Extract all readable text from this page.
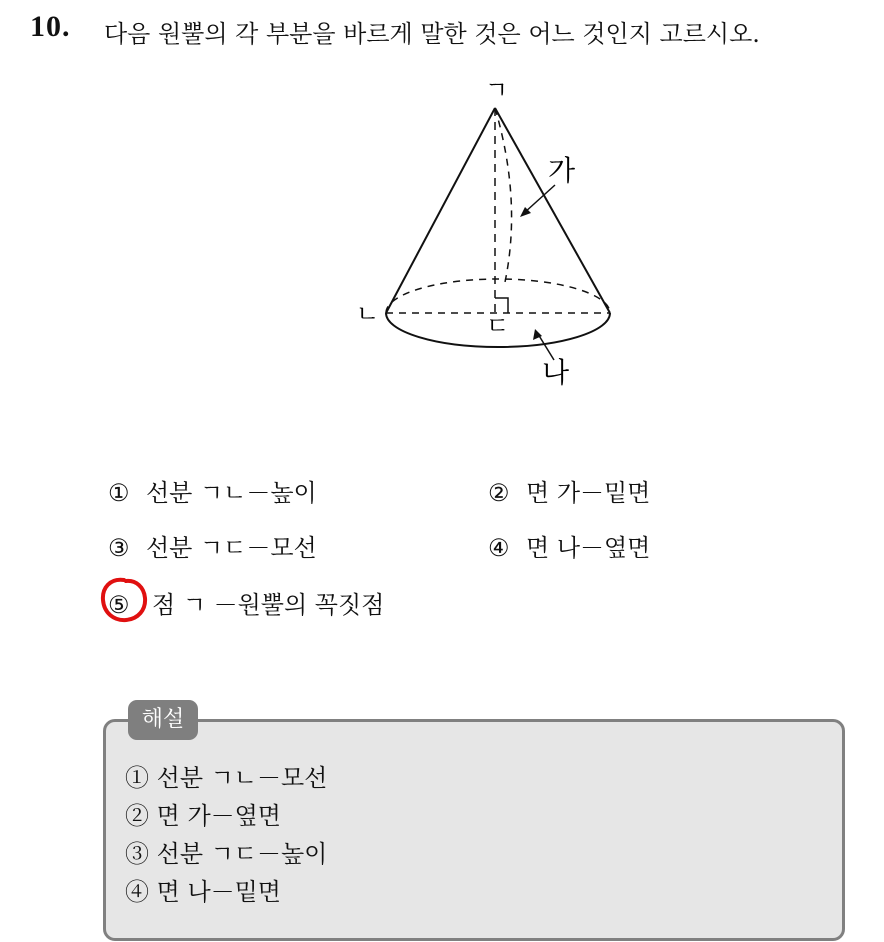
10. 다음 원뿔의 각 부분을 바르게 말한 것은 어느 것인지 고르시오.
ㄱ
ㄴ	ㄷ
가
나
① 선분 ㄱㄴ－높이	② 면 가－밑면
③ 선분 ㄱㄷ－모선	④ 면 나－옆면
⑤ 점 ㄱ －원뿔의 꼭짓점
해설
① 선분 ㄱㄴ－모선
② 면 가－옆면
③ 선분 ㄱㄷ－높이
④ 면 나－밑면
